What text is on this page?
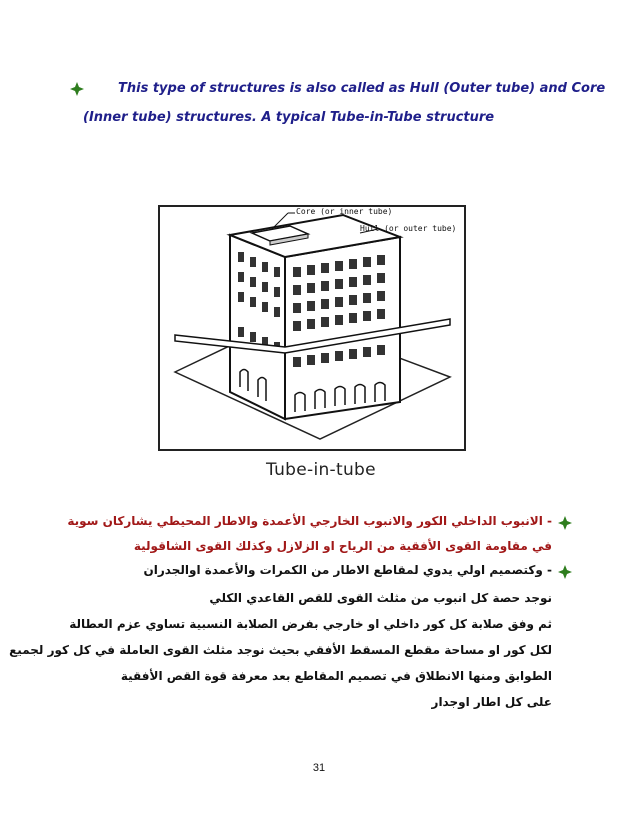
This type of structures is also called as Hull (Outer tube) and Core
(Inner tube) structures. A typical Tube-in-Tube structure
Core (or inner tube)
Hull (or outer tube)
Tube-in-tube
- الانبوب الداخلي الكور والانبوب الخارجي الأعمدة والاطار المحيطي يشاركان سوية
في مقاومة القوى الأفقية من الرياح او الزلازل وكذلك القوى الشاقولية
- وكتصميم اولي يدوي لمقاطع الاطار من الكمرات والأعمدة اوالجدران
نوجد حصة كل انبوب من مثلث القوى للقص القاعدي الكلي
ثم وفق صلابة كل كور داخلي او خارجي بفرض الصلابة النسبية تساوي عزم العطالة
لكل كور او مساحة مقطع المسقط الأفقي بحيث نوجد مثلث القوى العاملة في كل كور لجميع
الطوابق ومنها الانطلاق في تصميم المقاطع بعد معرفة قوة القص الأفقية
على كل اطار اوجدار
31
